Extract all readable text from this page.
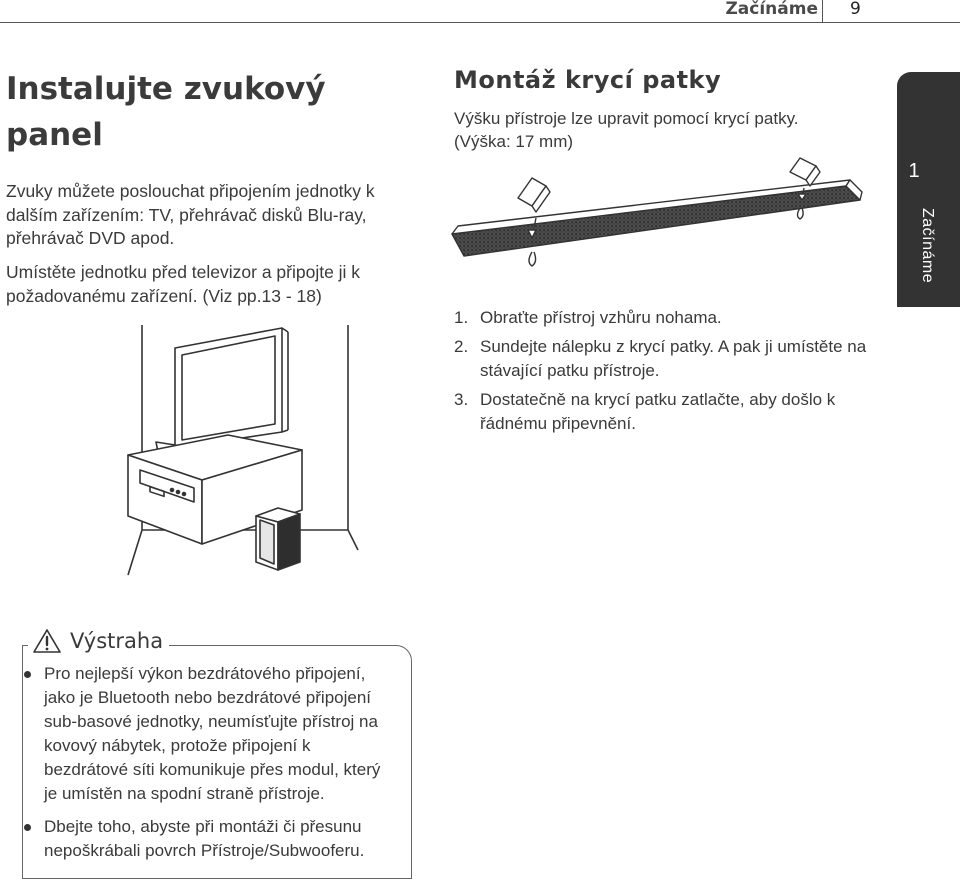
Začínáme 9
1
Začínáme
Instalujte zvukový panel

Zvuky můžete poslouchat připojením jednotky k dalším zařízením: TV, přehrávač disků Blu-ray, přehrávač DVD apod.

Umístěte jednotku před televizor a připojte ji k požadovanému zařízení. (Viz pp.13 - 18)

Montáž krycí patky

Výšku přístroje lze upravit pomocí krycí patky. (Výška: 17 mm)

1. Obraťte přístroj vzhůru nohama.
2. Sundejte nálepku z krycí patky. A pak ji umístěte na stávající patku přístroje.
3. Dostatečně na krycí patku zatlačte, aby došlo k řádnému připevnění.
Výstraha
Pro nejlepší výkon bezdrátového připojení, jako je Bluetooth nebo bezdrátové připojení sub-basové jednotky, neumísťujte přístroj na kovový nábytek, protože připojení k bezdrátové síti komunikuje přes modul, který je umístěn na spodní straně přístroje.
Dbejte toho, abyste při montáži či přesunu nepoškrábali povrch Přístroje/Subwooferu.
